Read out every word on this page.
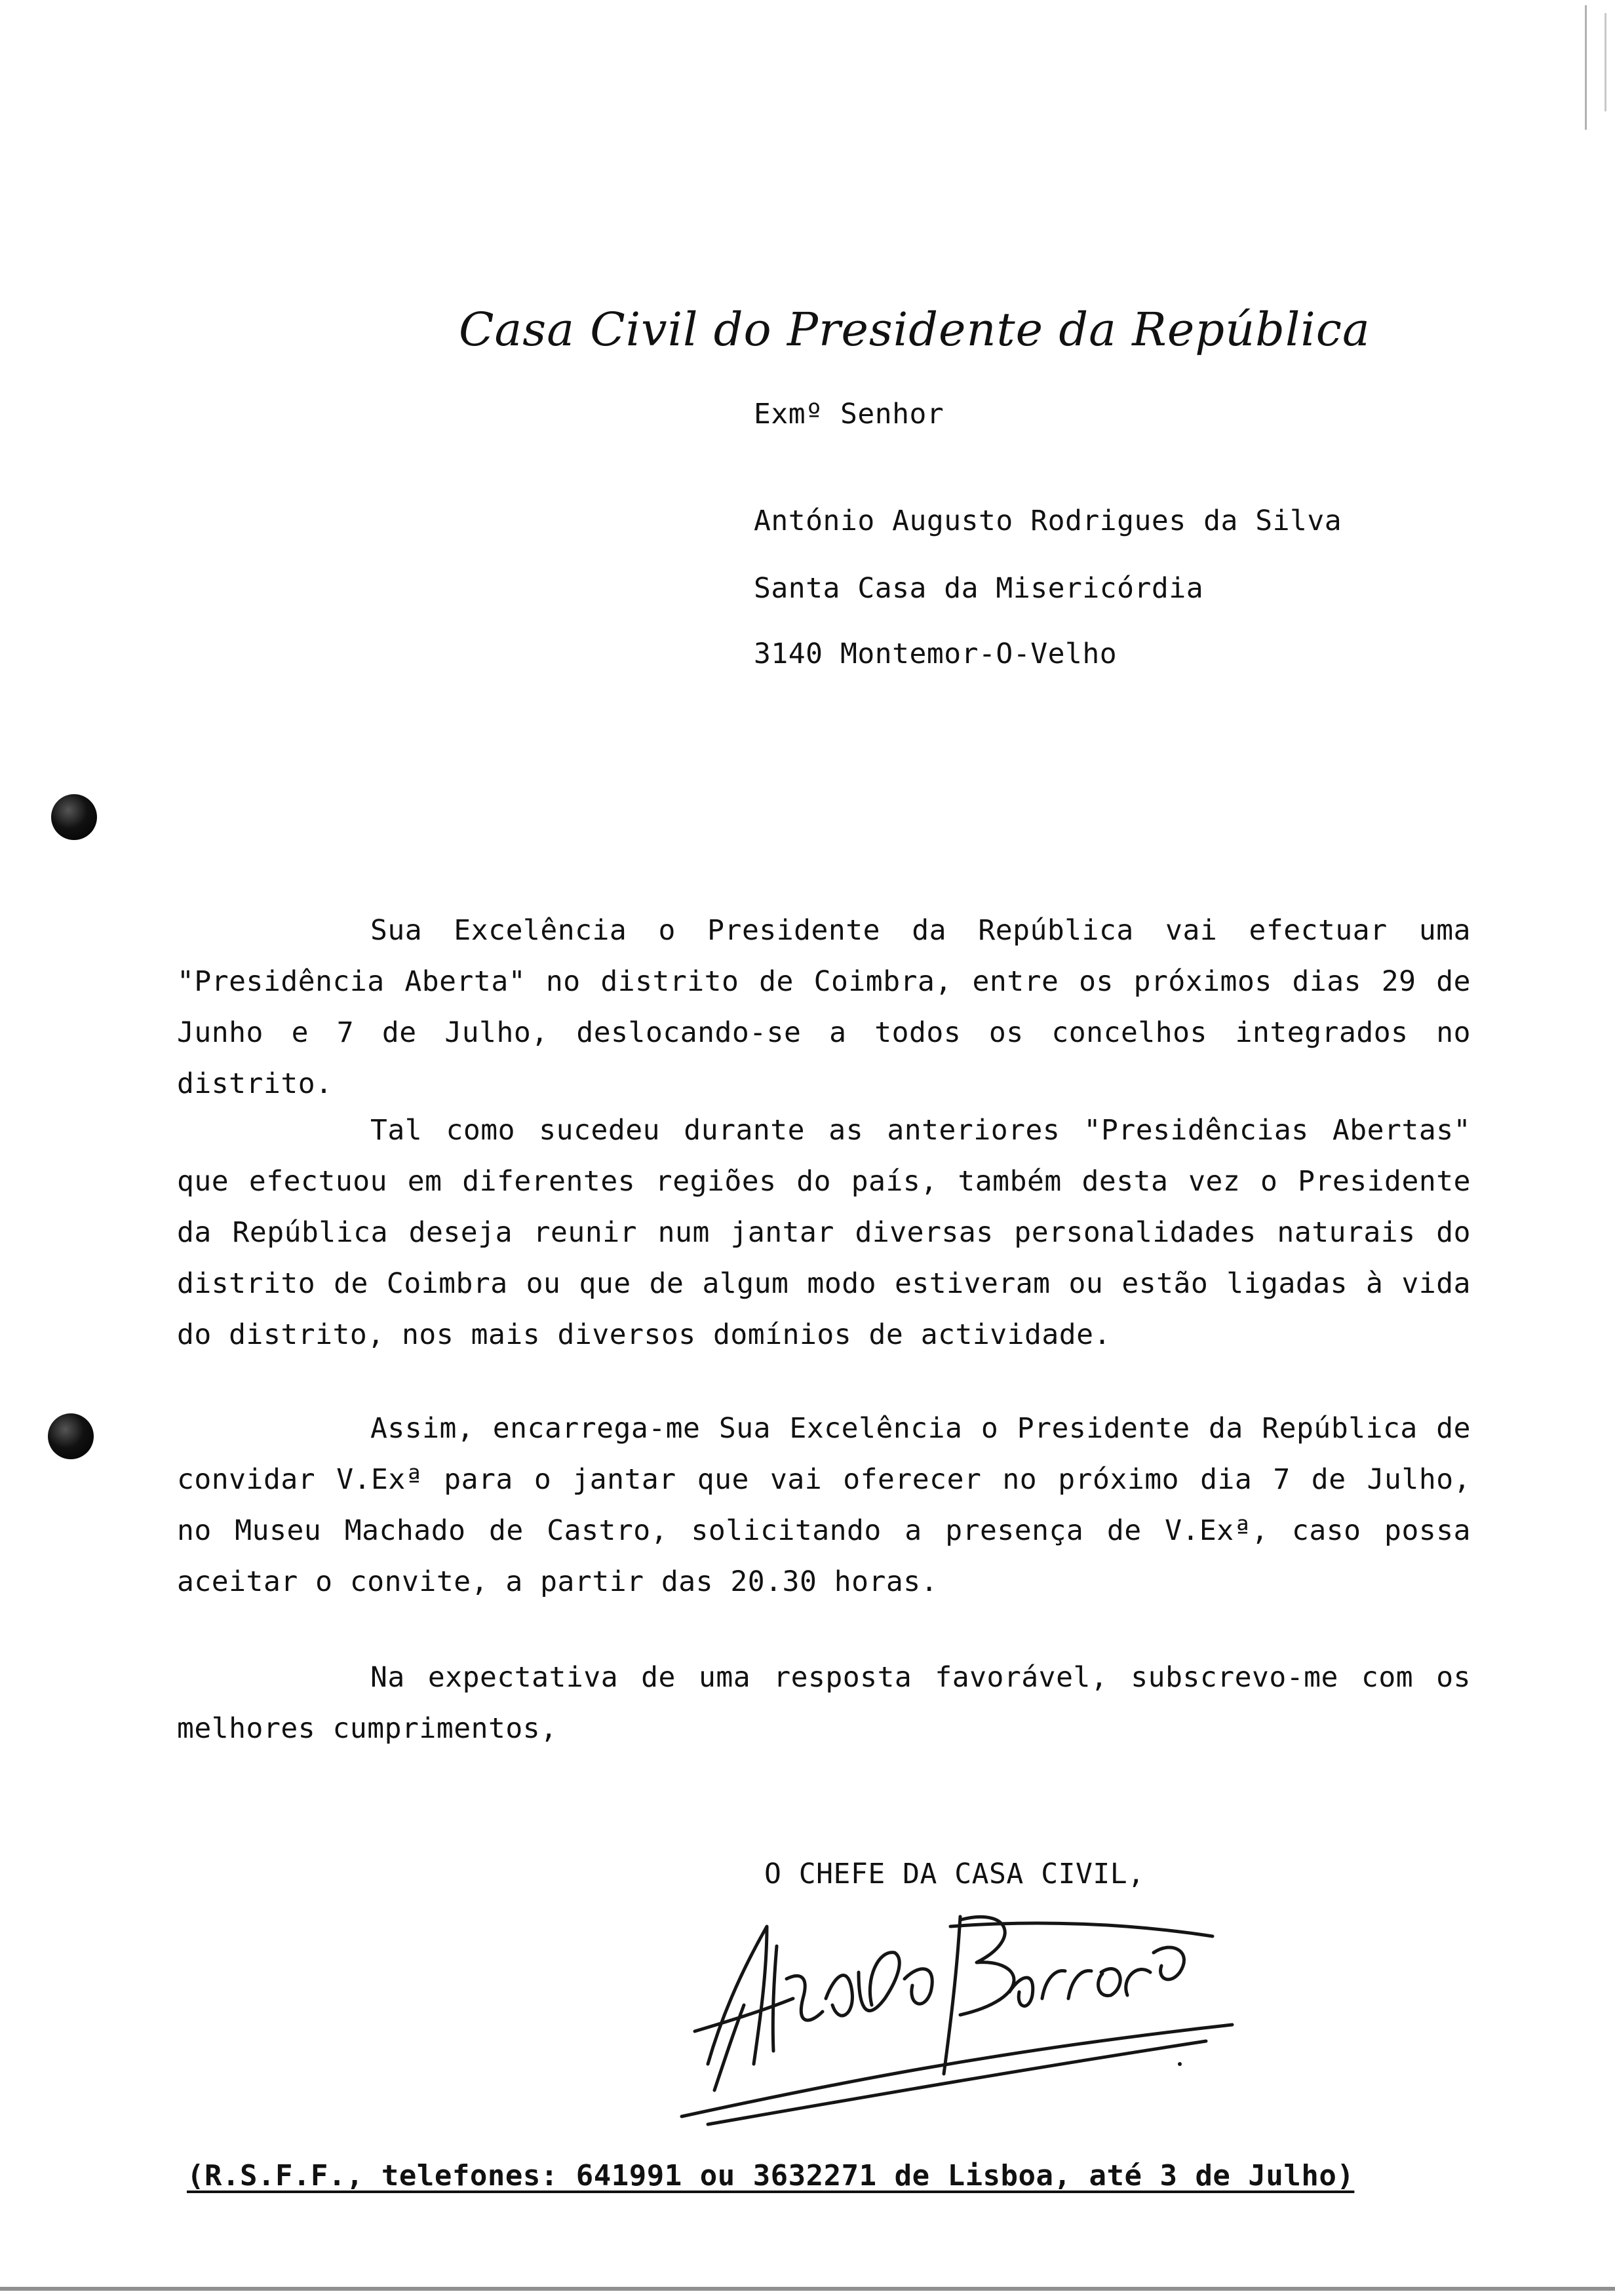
Casa Civil do Presidente da República
Exmº Senhor
António Augusto Rodrigues da Silva
Santa Casa da Misericórdia
3140 Montemor-O-Velho

Sua Excelência o Presidente da República vai efectuar uma "Presidência Aberta" no distrito de Coimbra, entre os próximos dias 29 de Junho e 7 de Julho, deslocando-se a todos os concelhos integrados no distrito.

Tal como sucedeu durante as anteriores "Presidências Abertas" que efectuou em diferentes regiões do país, também desta vez o Presidente da República deseja reunir num jantar diversas personalidades naturais do distrito de Coimbra ou que de algum modo estiveram ou estão ligadas à vida do distrito, nos mais diversos domínios de actividade.

Assim, encarrega-me Sua Excelência o Presidente da República de convidar V.Exª para o jantar que vai oferecer no próximo dia 7 de Julho, no Museu Machado de Castro, solicitando a presença de V.Exª, caso possa aceitar o convite, a partir das 20.30 horas.

Na expectativa de uma resposta favorável, subscrevo-me com os melhores cumprimentos,

O CHEFE DA CASA CIVIL,
(R.S.F.F., telefones: 641991 ou 3632271 de Lisboa, até 3 de Julho)
